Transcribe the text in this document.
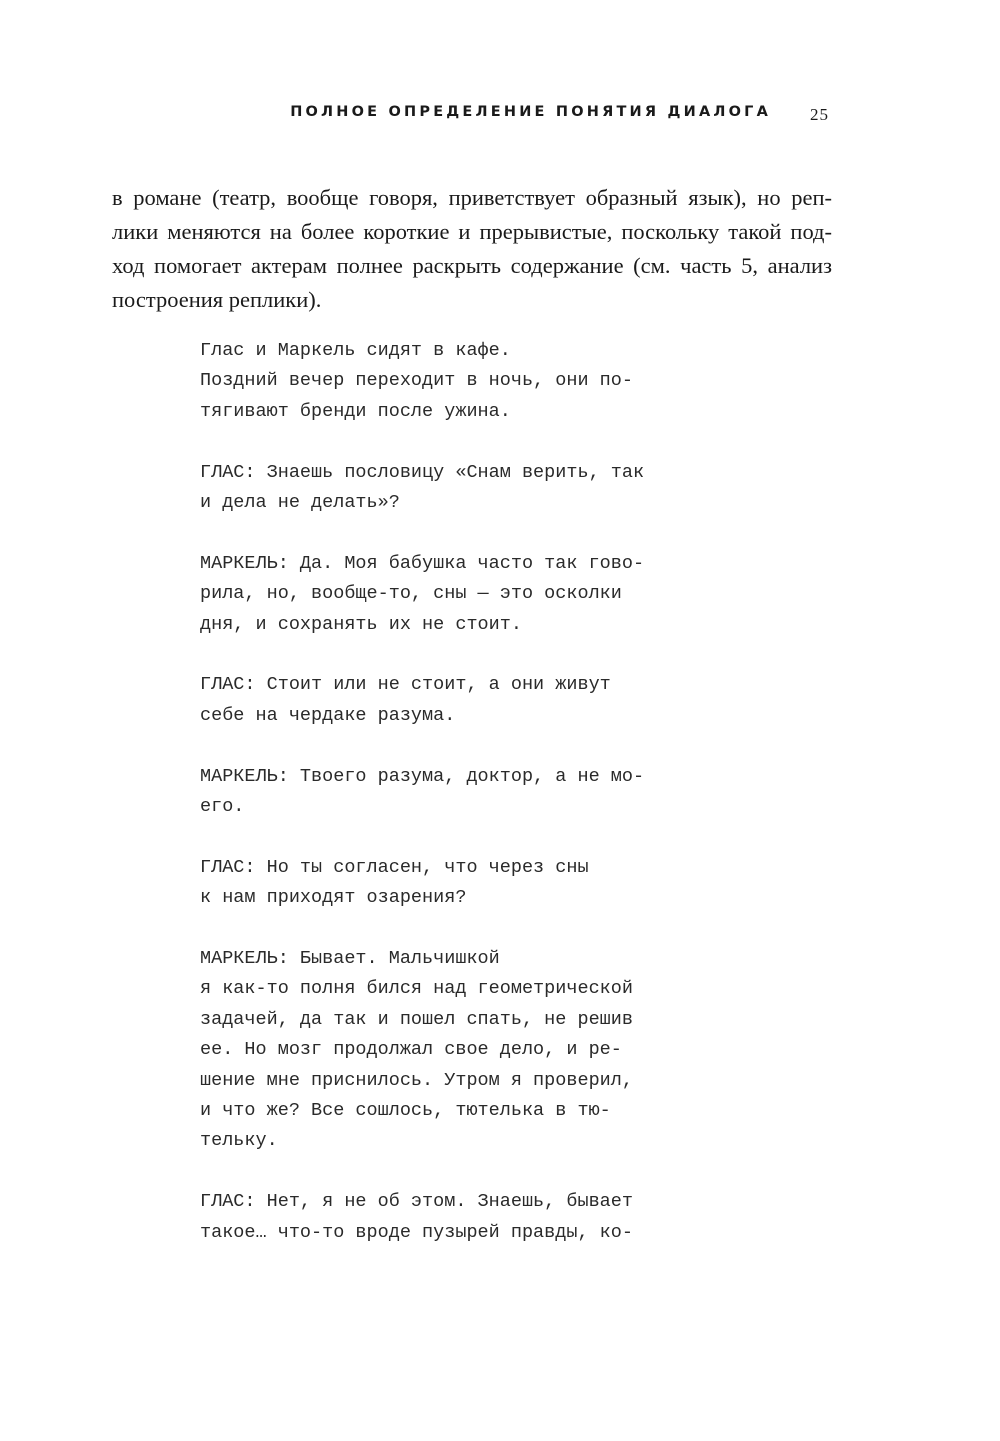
ПОЛНОЕ ОПРЕДЕЛЕНИЕ ПОНЯТИЯ ДИАЛОГА 25
в романе (театр, вообще говоря, приветствует образный язык), но реп-
лики меняются на более короткие и прерывистые, поскольку такой под-
ход помогает актерам полнее раскрыть содержание (см. часть 5, анализ
построения реплики).
Глас и Маркель сидят в кафе.
Поздний вечер переходит в ночь, они по-
тягивают бренди после ужина.
ГЛАС: Знаешь пословицу «Снам верить, так
и дела не делать»?
МАРКЕЛЬ: Да. Моя бабушка часто так гово-
рила, но, вообще-то, сны — это осколки
дня, и сохранять их не стоит.
ГЛАС: Стоит или не стоит, а они живут
себе на чердаке разума.
МАРКЕЛЬ: Твоего разума, доктор, а не мо-
его.
ГЛАС: Но ты согласен, что через сны
к нам приходят озарения?
МАРКЕЛЬ: Бывает. Мальчишкой
я как-то полня бился над геометрической
задачей, да так и пошел спать, не решив
ее. Но мозг продолжал свое дело, и ре-
шение мне приснилось. Утром я проверил,
и что же? Все сошлось, тютелька в тю-
тельку.
ГЛАС: Нет, я не об этом. Знаешь, бывает
такое… что-то вроде пузырей правды, ко-
